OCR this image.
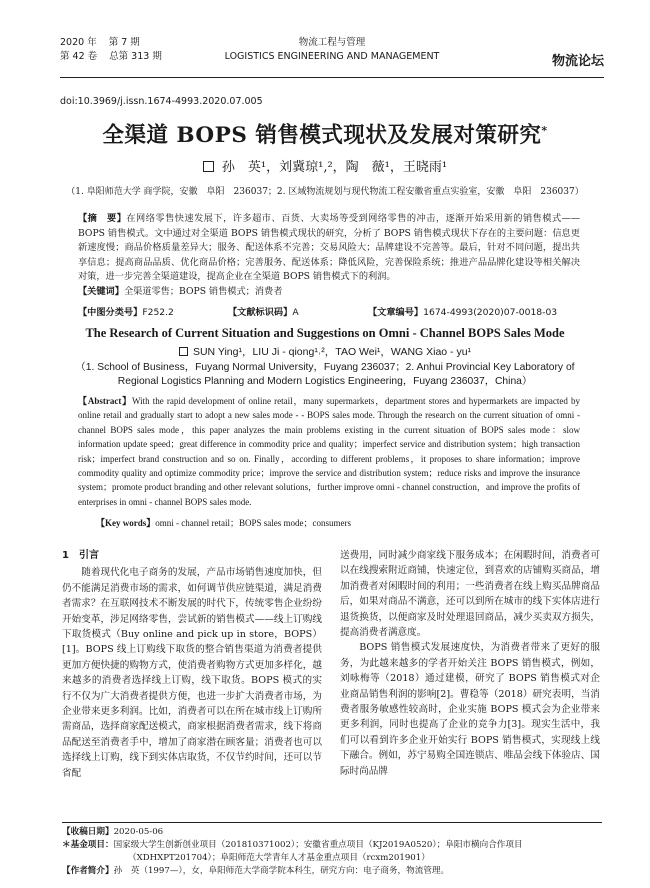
2020 年 第 7 期
第 42 卷 总第 313 期
物流工程与管理
LOGISTICS ENGINEERING AND MANAGEMENT	物流论坛
doi:10.3969/j.issn.1674-4993.2020.07.005
全渠道 BOPS 销售模式现状及发展对策研究*
孙　英¹，刘冀琼¹,²，陶　薇¹，王晓雨¹
（1. 阜阳师范大学 商学院，安徽　阜阳　236037；2. 区域物流规划与现代物流工程安徽省重点实验室，安徽　阜阳　236037）
【摘　要】在网络零售快速发展下，许多超市、百货、大卖场等受到网络零售的冲击，逐渐开始采用新的销售模式——BOPS 销售模式。文中通过对全渠道 BOPS 销售模式现状的研究，分析了 BOPS 销售模式现状下存在的主要问题：信息更新速度慢；商品价格质量差异大；服务、配送体系不完善；交易风险大；品牌建设不完善等。最后，针对不同问题，提出共享信息；提高商品品质、优化商品价格；完善服务、配送体系；降低风险，完善保险系统；推进产品品牌化建设等相关解决对策，进一步完善全渠道建设，提高企业在全渠道 BOPS 销售模式下的利润。
【关键词】全渠道零售；BOPS 销售模式；消费者
【中图分类号】F252.2	【文献标识码】A	【文章编号】1674-4993(2020)07-0018-03
The Research of Current Situation and Suggestions on Omni - Channel BOPS Sales Mode
SUN Ying¹，LIU Ji - qiong¹˒²，TAO Wei¹，WANG Xiao - yu¹
（1. School of Business，Fuyang Normal University，Fuyang 236037；2. Anhui Provincial Key Laboratory of
Regional Logistics Planning and Modern Logistics Engineering，Fuyang 236037，China）
【Abstract】With the rapid development of online retail，many supermarkets，department stores and hypermarkets are impacted by online retail and gradually start to adopt a new sales mode - - BOPS sales mode. Through the research on the current situation of omni - channel BOPS sales mode，this paper analyzes the main problems existing in the current situation of BOPS sales mode：slow information update speed；great difference in commodity price and quality；imperfect service and distribution system；high transaction risk；imperfect brand construction and so on. Finally，according to different problems，it proposes to share information；improve commodity quality and optimize commodity price；improve the service and distribution system；reduce risks and improve the insurance system；promote product branding and other relevant solutions，further improve omni - channel construction，and improve the profits of enterprises in omni - channel BOPS sales mode.
【Key words】omni - channel retail；BOPS sales mode；consumers
1　引言

随着现代化电子商务的发展，产品市场销售速度加快，但仍不能满足消费市场的需求，如何调节供应链渠道，满足消费者需求？在互联网技术不断发展的时代下，传统零售企业纷纷开始变革，涉足网络零售，尝试新的销售模式——线上订购线下取货模式（Buy online and pick up in store，BOPS）[1]。BOPS 线上订购线下取货的整合销售渠道为消费者提供更加方便快捷的购物方式，使消费者购物方式更加多样化，越来越多的消费者选择线上订购，线下取货。BOPS 模式的实行不仅为广大消费者提供方便，也进一步扩大消费者市场，为企业带来更多利润。比如，消费者可以在所在城市线上订购所需商品，选择商家配送模式，商家根据消费者需求，线下将商品配送至消费者手中，增加了商家潜在顾客量；消费者也可以选择线上订购，线下到实体店取货，不仅节约时间，还可以节省配

送费用，同时减少商家线下服务成本；在闲暇时间，消费者可以在线搜索附近商铺，快速定位，到喜欢的店铺购买商品，增加消费者对闲暇时间的利用；一些消费者在线上购买品牌商品后，如果对商品不满意，还可以到所在城市的线下实体店进行退货换货，以便商家及时处理退回商品，减少买卖双方损失，提高消费者满意度。

BOPS 销售模式发展速度快，为消费者带来了更好的服务，为此越来越多的学者开始关注 BOPS 销售模式，例如，刘咏梅等（2018）通过建模，研究了 BOPS 销售模式对企业商品销售利润的影响[2]。曹稳等（2018）研究表明，当消费者服务敏感性较高时，企业实施 BOPS 模式会为企业带来更多利润，同时也提高了企业的竞争力[3]。现实生活中，我们可以看到许多企业开始实行 BOPS 销售模式，实现线上线下融合。例如，苏宁易购全国连锁店、唯品会线下体验店、国际时尚品牌

【收稿日期】2020-05-06
＊基金项目：国家级大学生创新创业项目（201810371002）；安徽省重点项目（KJ2019A0520）；阜阳市横向合作项目
（XDHXPT201704）；阜阳师范大学青年人才基金重点项目（rcxm201901）
【作者简介】孙　英（1997—），女，阜阳师范大学商学院本科生，研究方向：电子商务，物流管理。
